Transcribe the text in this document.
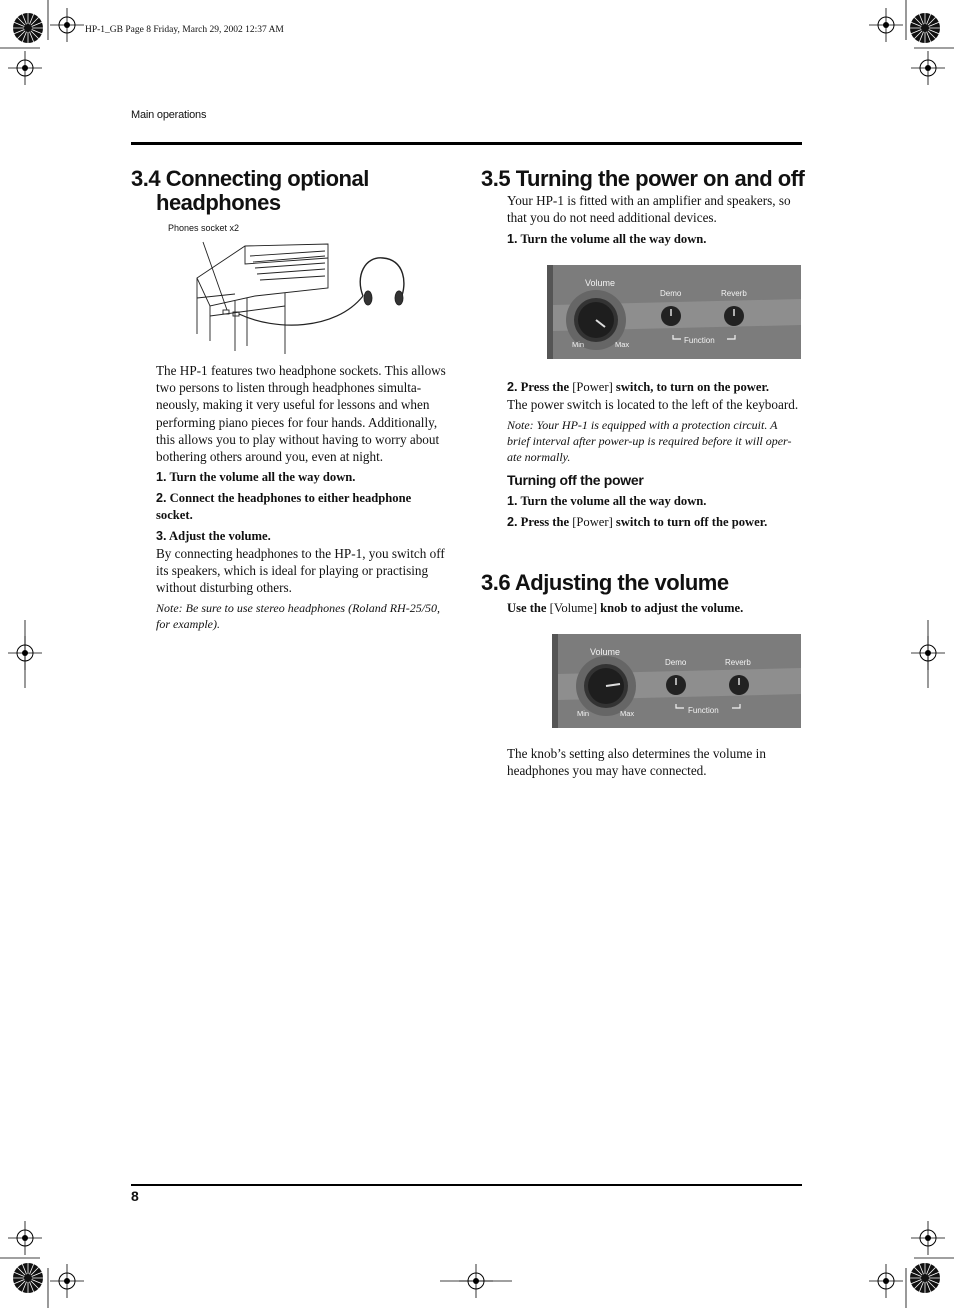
HP-1_GB Page 8 Friday, March 29, 2002 12:37 AM
Main operations
3.4 Connecting optional
headphones
Phones socket x2
The HP-1 features two headphone sockets. This allows
two persons to listen through headphones simulta-
neously, making it very useful for lessons and when
performing piano pieces for four hands. Additionally,
this allows you to play without having to worry about
bothering others around you, even at night.
1. Turn the volume all the way down.
2. Connect the headphones to either headphone
socket.
3. Adjust the volume.
By connecting headphones to the HP-1, you switch off
its speakers, which is ideal for playing or practising
without disturbing others.
Note: Be sure to use stereo headphones (Roland RH-25/50,
for example).
3.5 Turning the power on and off
Your HP-1 is fitted with an amplifier and speakers, so
that you do not need additional devices.
1. Turn the volume all the way down.
Volume
Demo	Reverb
Min	Max	Function
2. Press the [Power] switch, to turn on the power.
The power switch is located to the left of the keyboard.
Note: Your HP-1 is equipped with a protection circuit. A
brief interval after power-up is required before it will oper-
ate normally.
Turning off the power
1. Turn the volume all the way down.
2. Press the [Power] switch to turn off the power.
3.6 Adjusting the volume
Use the [Volume] knob to adjust the volume.
Volume
Demo	Reverb
Min	Max	Function
The knob’s setting also determines the volume in
headphones you may have connected.
8
